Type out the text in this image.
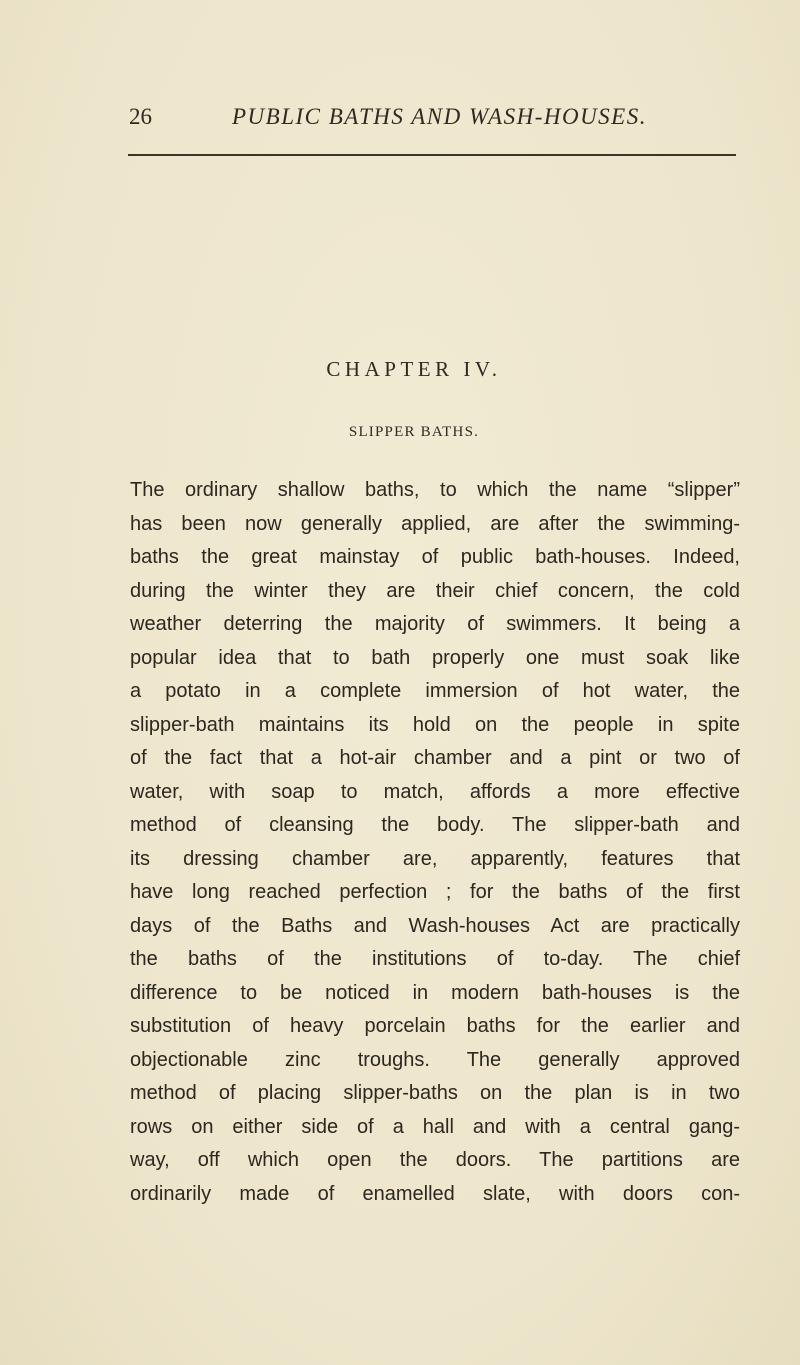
26	PUBLIC BATHS AND WASH-HOUSES.
CHAPTER IV.
SLIPPER BATHS.
The ordinary shallow baths, to which the name “slipper”
has been now generally applied, are after the swimming-
baths the great mainstay of public bath-houses. Indeed,
during the winter they are their chief concern, the cold
weather deterring the majority of swimmers. It being a
popular idea that to bath properly one must soak like
a potato in a complete immersion of hot water, the
slipper-bath maintains its hold on the people in spite
of the fact that a hot-air chamber and a pint or two of
water, with soap to match, affords a more effective
method of cleansing the body. The slipper-bath and
its dressing chamber are, apparently, features that
have long reached perfection ; for the baths of the first
days of the Baths and Wash-houses Act are practically
the baths of the institutions of to-day. The chief
difference to be noticed in modern bath-houses is the
substitution of heavy porcelain baths for the earlier and
objectionable zinc troughs. The generally approved
method of placing slipper-baths on the plan is in two
rows on either side of a hall and with a central gang-
way, off which open the doors. The partitions are
ordinarily made of enamelled slate, with doors con-
